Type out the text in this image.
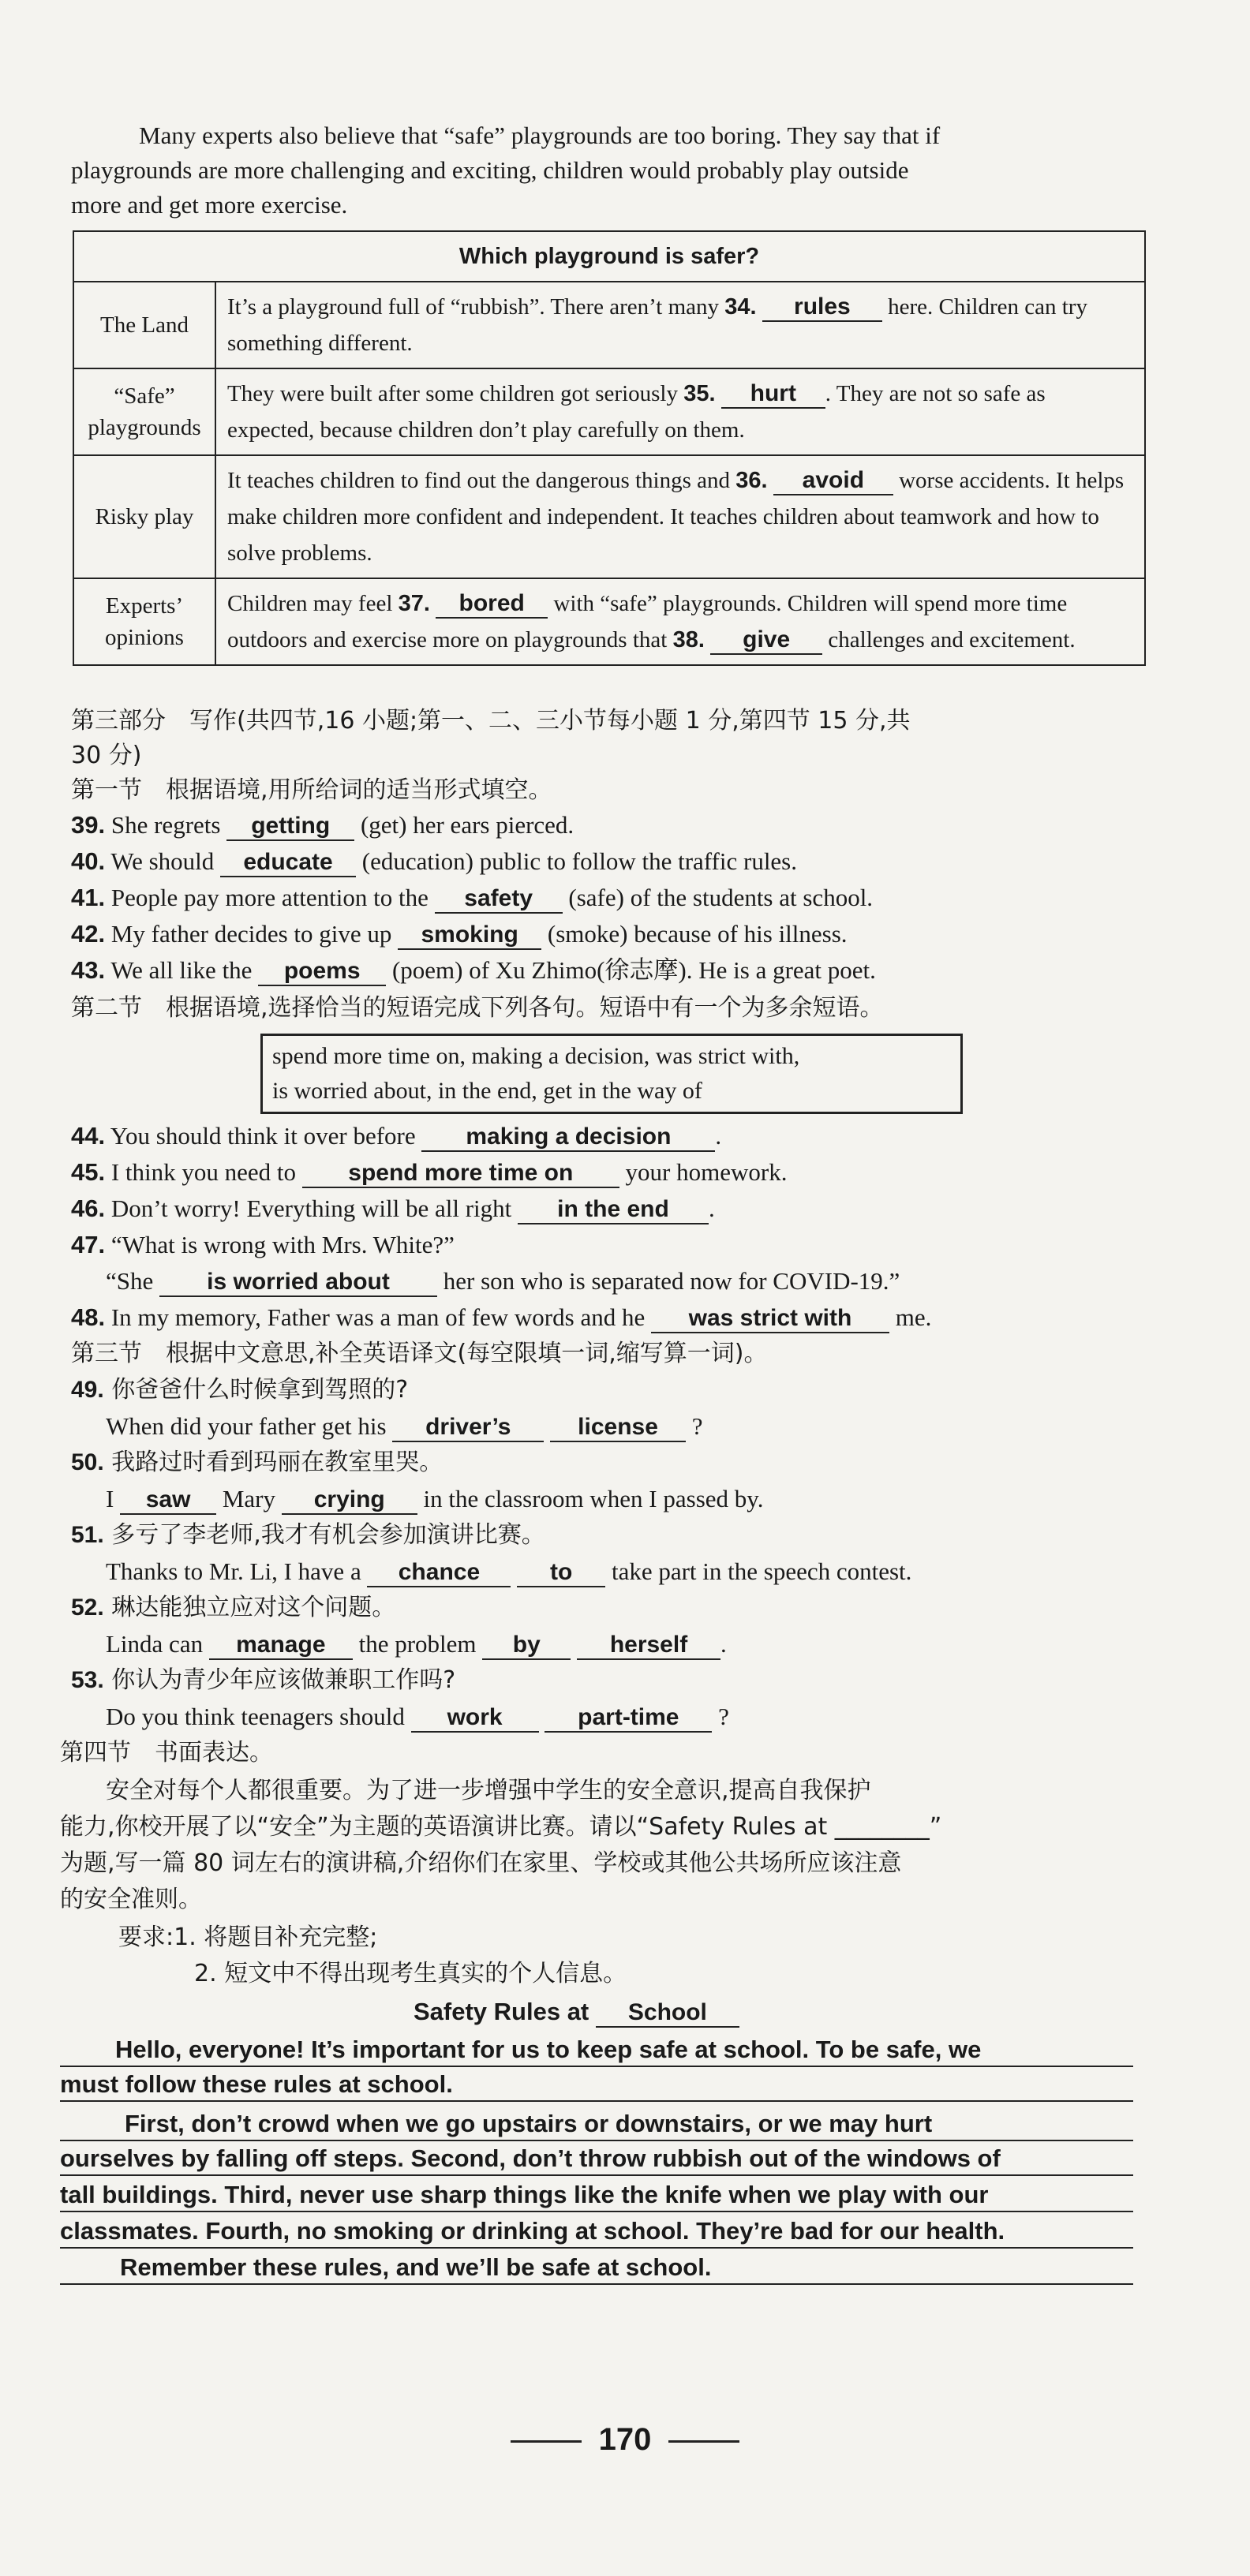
Many experts also believe that “safe” playgrounds are too boring. They say that if
playgrounds are more challenging and exciting, children would probably play outside
more and get more exercise.
Which playground is safer?	
The Land	It’s a playground full of “rubbish”. There aren’t many 34. rules here. Children can try something different.
“Safe” playgrounds	They were built after some children got seriously 35. hurt . They are not so safe as expected, because children don’t play carefully on them.
Risky play	It teaches children to find out the dangerous things and 36. avoid worse accidents. It helps make children more confident and independent. It teaches children about teamwork and how to solve problems.
Experts’ opinions	Children may feel 37. bored with “safe” playgrounds. Children will spend more time outdoors and exercise more on playgrounds that 38. give challenges and excitement.
第三部分　写作(共四节,16 小题;第一、二、三小节每小题 1 分,第四节 15 分,共
30 分)
第一节　根据语境,用所给词的适当形式填空。
39. She regrets getting (get) her ears pierced.
40. We should educate (education) public to follow the traffic rules.
41. People pay more attention to the safety (safe) of the students at school.
42. My father decides to give up smoking (smoke) because of his illness.
43. We all like the poems (poem) of Xu Zhimo(徐志摩). He is a great poet.
第二节　根据语境,选择恰当的短语完成下列各句。短语中有一个为多余短语。
spend more time on, making a decision, was strict with,
is worried about, in the end, get in the way of
44. You should think it over before making a decision .
45. I think you need to spend more time on your homework.
46. Don’t worry! Everything will be all right in the end .
47. “What is wrong with Mrs. White?”
“She is worried about her son who is separated now for COVID-19.”
48. In my memory, Father was a man of few words and he was strict with me.
第三节　根据中文意思,补全英语译文(每空限填一词,缩写算一词)。
49. 你爸爸什么时候拿到驾照的?
When did your father get his driver’s	license ?
50. 我路过时看到玛丽在教室里哭。
I saw Mary crying in the classroom when I passed by.
51. 多亏了李老师,我才有机会参加演讲比赛。
Thanks to Mr. Li, I have a chance	to take part in the speech contest.
52. 琳达能独立应对这个问题。
Linda can manage the problem by	herself .
53. 你认为青少年应该做兼职工作吗?
Do you think teenagers should work	part-time ?
第四节　书面表达。
安全对每个人都很重要。为了进一步增强中学生的安全意识,提高自我保护
能力,你校开展了以“安全”为主题的英语演讲比赛。请以“Safety Rules at ________”
为题,写一篇 80 词左右的演讲稿,介绍你们在家里、学校或其他公共场所应该注意
的安全准则。
要求:1. 将题目补充完整;
2. 短文中不得出现考生真实的个人信息。
Safety Rules at School
Hello, everyone! It’s important for us to keep safe at school. To be safe, we
must follow these rules at school.
First, don’t crowd when we go upstairs or downstairs, or we may hurt
ourselves by falling off steps. Second, don’t throw rubbish out of the windows of
tall buildings. Third, never use sharp things like the knife when we play with our
classmates. Fourth, no smoking or drinking at school. They’re bad for our health.
Remember these rules, and we’ll be safe at school.
170
